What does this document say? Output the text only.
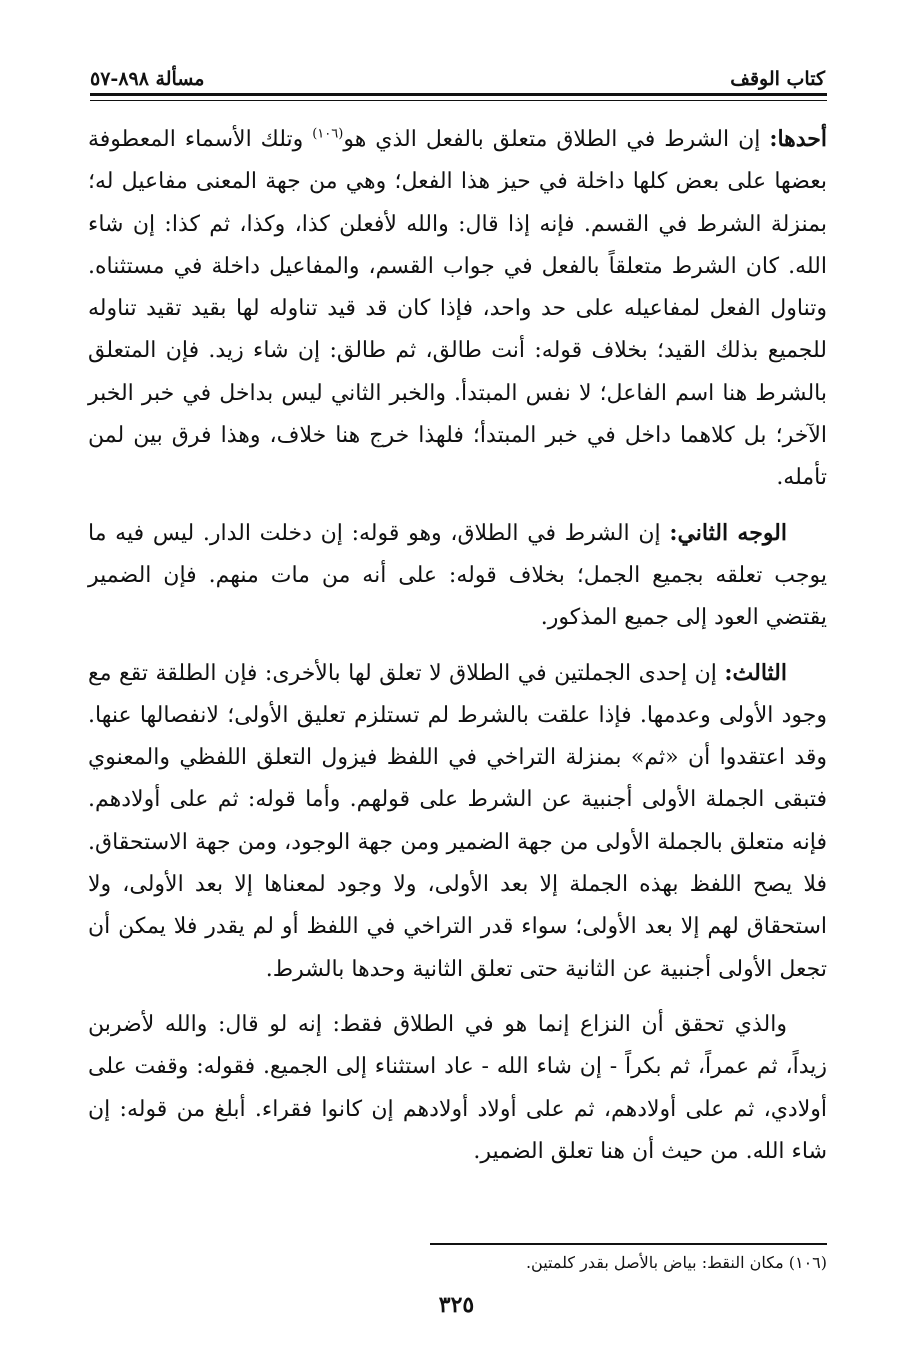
مسألة ٨٩٨-٥٧	كتاب الوقف

أحدها: إن الشرط في الطلاق متعلق بالفعل الذي هو$^{(١٠٦)}$ وتلك الأسماء المعطوفة بعضها على بعض كلها داخلة في حيز هذا الفعل؛ وهي من جهة المعنى مفاعيل له؛ بمنزلة الشرط في القسم. فإنه إذا قال: والله لأفعلن كذا، وكذا، ثم كذا: إن شاء الله. كان الشرط متعلقاً بالفعل في جواب القسم، والمفاعيل داخلة في مستثناه. وتناول الفعل لمفاعيله على حد واحد، فإذا كان قد قيد تناوله لها بقيد تقيد تناوله للجميع بذلك القيد؛ بخلاف قوله: أنت طالق، ثم طالق: إن شاء زيد. فإن المتعلق بالشرط هنا اسم الفاعل؛ لا نفس المبتدأ. والخبر الثاني ليس بداخل في خبر الخبر الآخر؛ بل كلاهما داخل في خبر المبتدأ؛ فلهذا خرج هنا خلاف، وهذا فرق بين لمن تأمله.

الوجه الثاني: إن الشرط في الطلاق، وهو قوله: إن دخلت الدار. ليس فيه ما يوجب تعلقه بجميع الجمل؛ بخلاف قوله: على أنه من مات منهم. فإن الضمير يقتضي العود إلى جميع المذكور.

الثالث: إن إحدى الجملتين في الطلاق لا تعلق لها بالأخرى: فإن الطلقة تقع مع وجود الأولى وعدمها. فإذا علقت بالشرط لم تستلزم تعليق الأولى؛ لانفصالها عنها. وقد اعتقدوا أن «ثم» بمنزلة التراخي في اللفظ فيزول التعلق اللفظي والمعنوي فتبقى الجملة الأولى أجنبية عن الشرط على قولهم. وأما قوله: ثم على أولادهم. فإنه متعلق بالجملة الأولى من جهة الضمير ومن جهة الوجود، ومن جهة الاستحقاق. فلا يصح اللفظ بهذه الجملة إلا بعد الأولى، ولا وجود لمعناها إلا بعد الأولى، ولا استحقاق لهم إلا بعد الأولى؛ سواء قدر التراخي في اللفظ أو لم يقدر فلا يمكن أن تجعل الأولى أجنبية عن الثانية حتى تعلق الثانية وحدها بالشرط.

والذي تحقق أن النزاع إنما هو في الطلاق فقط: إنه لو قال: والله لأضربن زيداً، ثم عمراً، ثم بكراً - إن شاء الله - عاد استثناء إلى الجميع. فقوله: وقفت على أولادي، ثم على أولادهم، ثم على أولاد أولادهم إن كانوا فقراء. أبلغ من قوله: إن شاء الله. من حيث أن هنا تعلق الضمير.

(١٠٦) مكان النقط: بياض بالأصل بقدر كلمتين.
٣٢٥
